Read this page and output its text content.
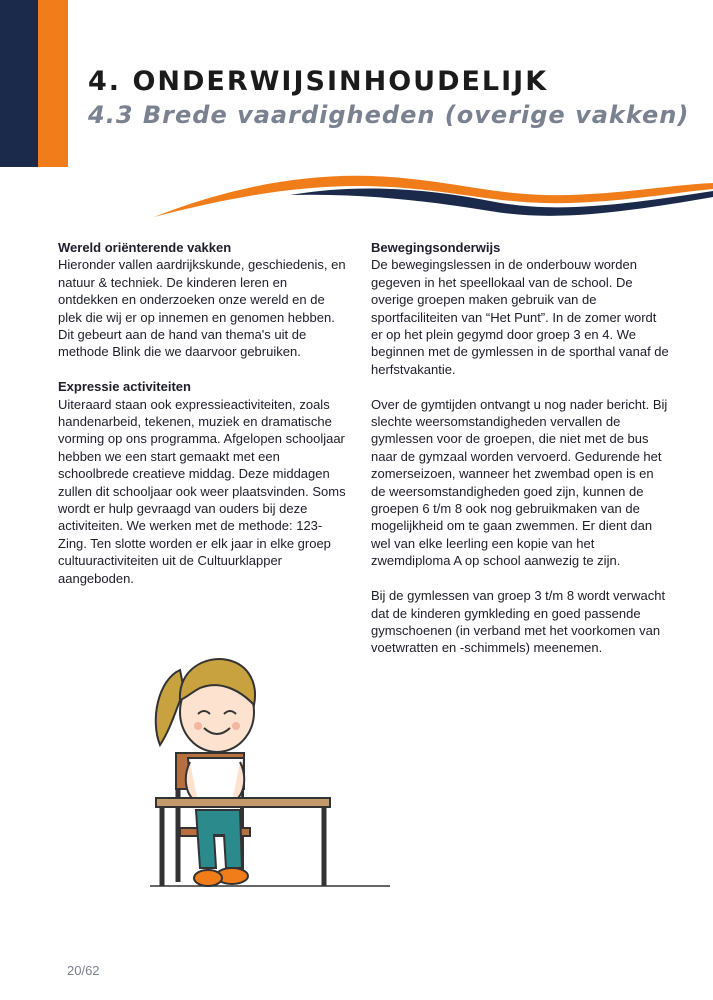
4. ONDERWIJSINHOUDELIJK
4.3 Brede vaardigheden (overige vakken)
Wereld oriënterende vakken

Hieronder vallen aardrijkskunde, geschiedenis, en natuur & techniek. De kinderen leren en ontdekken en onderzoeken onze wereld en de plek die wij er op innemen en genomen hebben. Dit gebeurt aan de hand van thema's uit de methode Blink die we daarvoor gebruiken.

Expressie activiteiten

Uiteraard staan ook expressieactiviteiten, zoals handenarbeid, tekenen, muziek en dramatische vorming op ons programma. Afgelopen schooljaar hebben we een start gemaakt met een schoolbrede creatieve middag. Deze middagen zullen dit schooljaar ook weer plaatsvinden. Soms wordt er hulp gevraagd van ouders bij deze activiteiten. We werken met de methode: 123-Zing. Ten slotte worden er elk jaar in elke groep cultuuractiviteiten uit de Cultuurklapper aangeboden.

Bewegingsonderwijs

De bewegingslessen in de onderbouw worden gegeven in het speellokaal van de school. De overige groepen maken gebruik van de sportfaciliteiten van “Het Punt”. In de zomer wordt er op het plein gegymd door groep 3 en 4. We beginnen met de gymlessen in de sporthal vanaf de herfstvakantie.

Over de gymtijden ontvangt u nog nader bericht. Bij slechte weersomstandigheden vervallen de gymlessen voor de groepen, die niet met de bus naar de gymzaal worden vervoerd. Gedurende het zomerseizoen, wanneer het zwembad open is en de weersomstandigheden goed zijn, kunnen de groepen 6 t/m 8 ook nog gebruikmaken van de mogelijkheid om te gaan zwemmen. Er dient dan wel van elke leerling een kopie van het zwemdiploma A op school aanwezig te zijn.

Bij de gymlessen van groep 3 t/m 8 wordt verwacht dat de kinderen gymkleding en goed passende gymschoenen (in verband met het voorkomen van voetwratten en -schimmels) meenemen.

20/62
